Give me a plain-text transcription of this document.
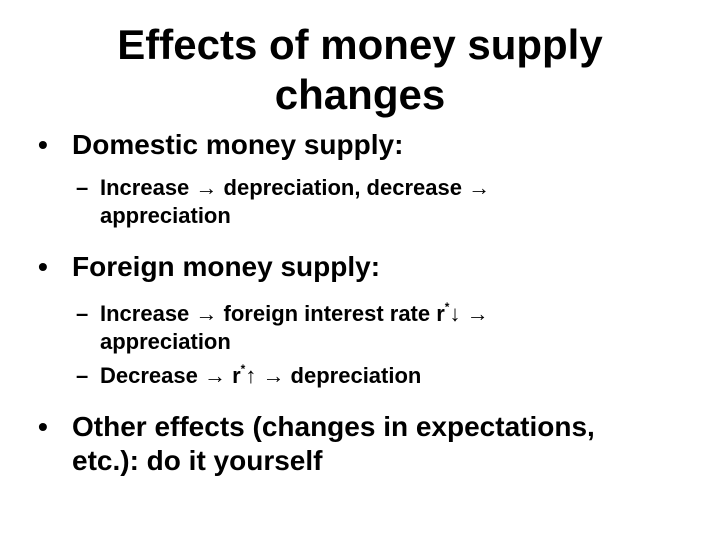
Effects of money supply
changes
• Domestic money supply:
– Increase → depreciation, decrease →
appreciation
• Foreign money supply:
– Increase → foreign interest rate r*↓ →
appreciation
– Decrease → r*↑ → depreciation
• Other effects (changes in expectations,
etc.): do it yourself
